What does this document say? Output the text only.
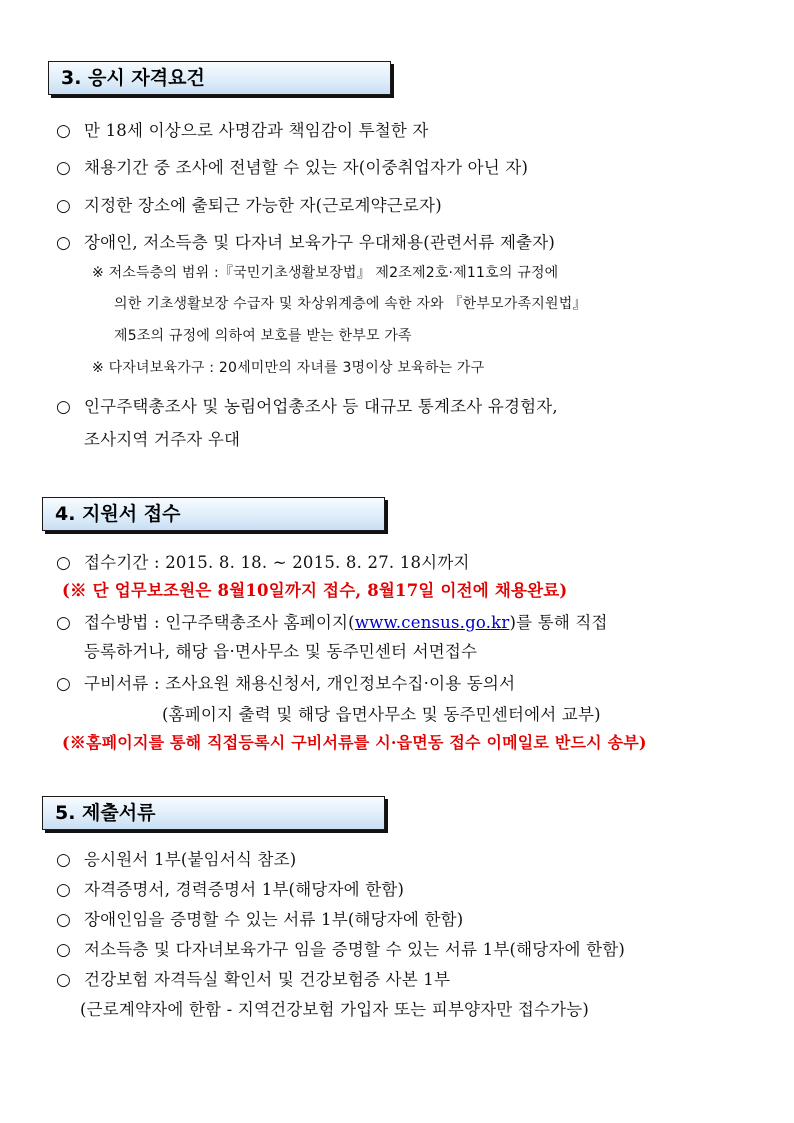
3. 응시 자격요건
○ 만 18세 이상으로 사명감과 책임감이 투철한 자
○ 채용기간 중 조사에 전념할 수 있는 자(이중취업자가 아닌 자)
○ 지정한 장소에 출퇴근 가능한 자(근로계약근로자)
○ 장애인, 저소득층 및 다자녀 보육가구 우대채용(관련서류 제출자)
※ 저소득층의 범위 :『국민기초생활보장법』 제2조제2호·제11호의 규정에
의한 기초생활보장 수급자 및 차상위계층에 속한 자와 『한부모가족지원법』
제5조의 규정에 의하여 보호를 받는 한부모 가족
※ 다자녀보육가구 : 20세미만의 자녀를 3명이상 보육하는 가구
○ 인구주택총조사 및 농림어업총조사 등 대규모 통계조사 유경험자,
조사지역 거주자 우대
4. 지원서 접수
○ 접수기간 : 2015. 8. 18. ~ 2015. 8. 27. 18시까지
(※ 단 업무보조원은 8월10일까지 접수, 8월17일 이전에 채용완료)
○ 접수방법 : 인구주택총조사 홈페이지(www.census.go.kr)를 통해 직접
등록하거나, 해당 읍·면사무소 및 동주민센터 서면접수
○ 구비서류 : 조사요원 채용신청서, 개인정보수집·이용 동의서
(홈페이지 출력 및 해당 읍면사무소 및 동주민센터에서 교부)
(※홈페이지를 통해 직접등록시 구비서류를 시·읍면동 접수 이메일로 반드시 송부)
5. 제출서류
○ 응시원서 1부(붙임서식 참조)
○ 자격증명서, 경력증명서 1부(해당자에 한함)
○ 장애인임을 증명할 수 있는 서류 1부(해당자에 한함)
○ 저소득층 및 다자녀보육가구 임을 증명할 수 있는 서류 1부(해당자에 한함)
○ 건강보험 자격득실 확인서 및 건강보험증 사본 1부
(근로계약자에 한함 - 지역건강보험 가입자 또는 피부양자만 접수가능)
